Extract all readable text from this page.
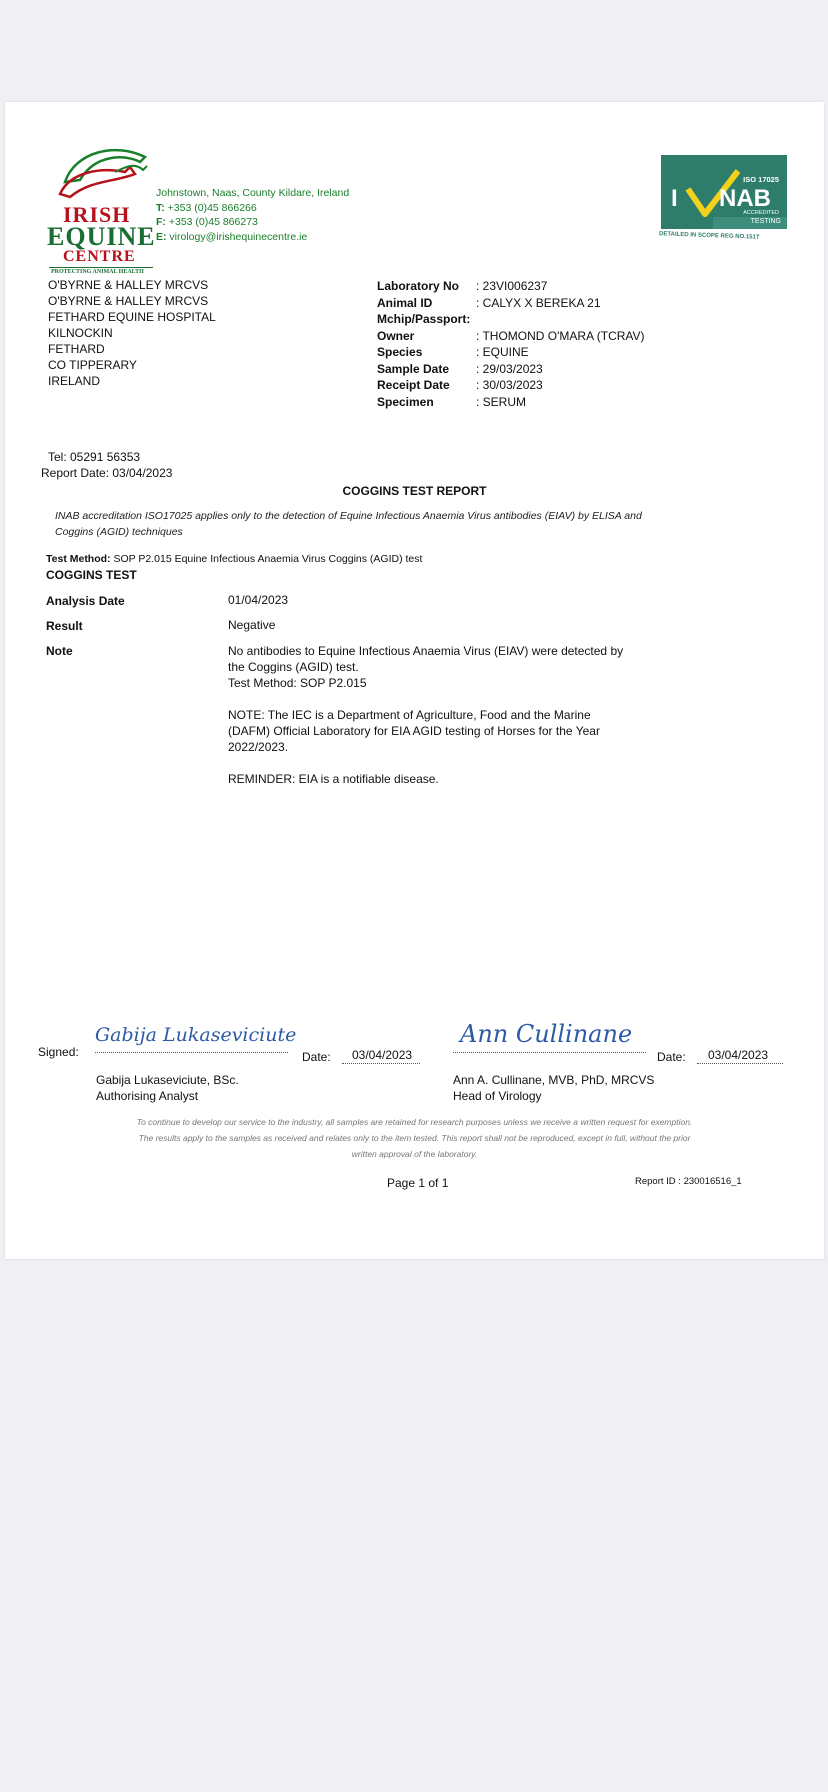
IRISH
EQUINE
CENTRE
PROTECTING ANIMAL HEALTH
Johnstown, Naas, County Kildare, Ireland
T: +353 (0)45 866266
F: +353 (0)45 866273
E: virology@irishequinecentre.ie
ISO 17025
I NAB
ACCREDITED
TESTING
DETAILED IN SCOPE REG NO.151T
O'BYRNE & HALLEY MRCVS
O'BYRNE & HALLEY MRCVS
FETHARD EQUINE HOSPITAL
KILNOCKIN
FETHARD
CO TIPPERARY
IRELAND
Tel: 05291 56353
Report Date: 03/04/2023
Laboratory No : 23VI006237
Animal ID	: CALYX X BEREKA 21
Mchip/Passport:
Owner	: THOMOND O'MARA (TCRAV)
Species	: EQUINE
Sample Date : 29/03/2023
Receipt Date : 30/03/2023
Specimen	: SERUM
COGGINS TEST REPORT
INAB accreditation ISO17025 applies only to the detection of Equine Infectious Anaemia Virus antibodies (EIAV) by ELISA and
Coggins (AGID) techniques
Test Method: SOP P2.015 Equine Infectious Anaemia Virus Coggins (AGID) test
COGGINS TEST
Analysis Date	01/04/2023
Result	Negative
Note	No antibodies to Equine Infectious Anaemia Virus (EIAV) were detected by
the Coggins (AGID) test.
Test Method: SOP P2.015
NOTE: The IEC is a Department of Agriculture, Food and the Marine
(DAFM) Official Laboratory for EIA AGID testing of Horses for the Year
2022/2023.
REMINDER: EIA is a notifiable disease.
Signed:
Gabija Lukaseviciute
Date: 03/04/2023
Ann Cullinane
Date: 03/04/2023
Gabija Lukaseviciute, BSc.
Authorising Analyst
Ann A. Cullinane, MVB, PhD, MRCVS
Head of Virology
To continue to develop our service to the industry, all samples are retained for research purposes unless we receive a written request for exemption.
The results apply to the samples as received and relates only to the item tested. This report shall not be reproduced, except in full, without the prior
written approval of the laboratory.
Page 1 of 1	Report ID : 230016516_1
